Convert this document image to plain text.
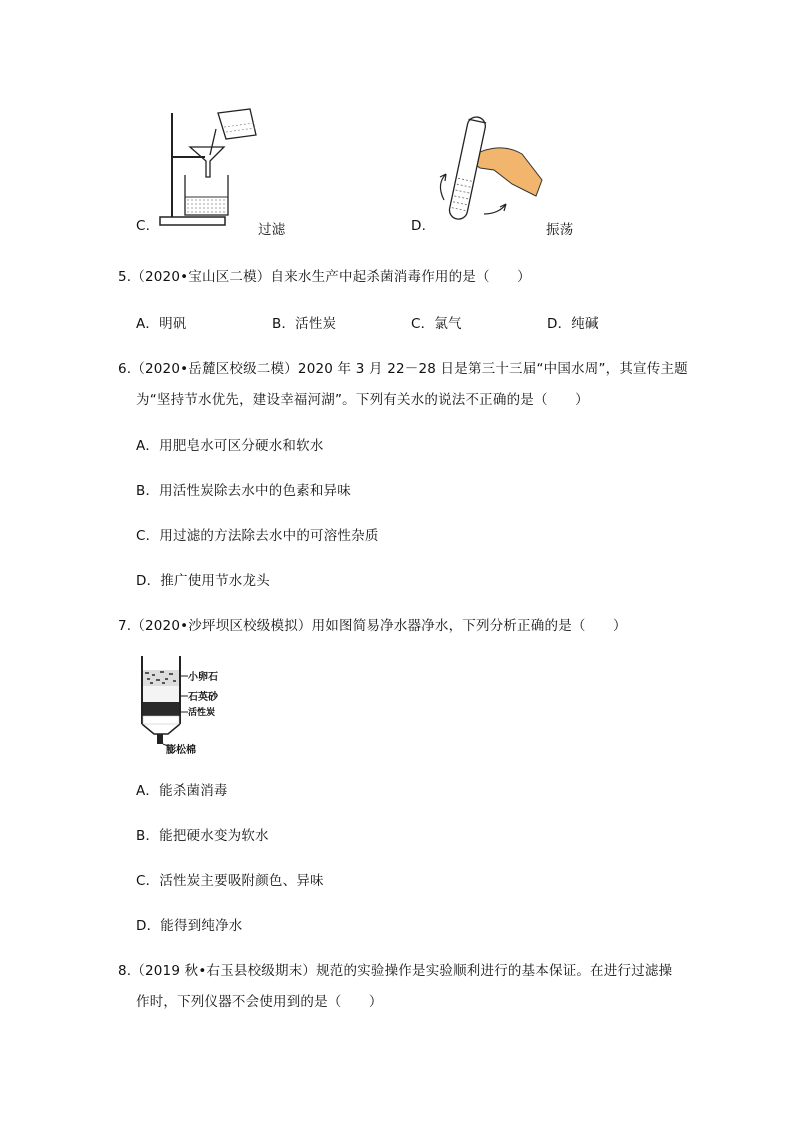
C.	过滤	D.	振荡
5.（2020•宝山区二模）自来水生产中起杀菌消毒作用的是（　　）
A．明矾	B．活性炭	C．氯气	D．纯碱
6.（2020•岳麓区校级二模）2020 年 3 月 22－28 日是第三十三届“中国水周”，其宣传主题
为“坚持节水优先，建设幸福河湖”。下列有关水的说法不正确的是（　　）
A．用肥皂水可区分硬水和软水
B．用活性炭除去水中的色素和异味
C．用过滤的方法除去水中的可溶性杂质
D．推广使用节水龙头
7.（2020•沙坪坝区校级模拟）用如图简易净水器净水，下列分析正确的是（　　）
小卵石
石英砂
活性炭
膨松棉
A．能杀菌消毒
B．能把硬水变为软水
C．活性炭主要吸附颜色、异味
D．能得到纯净水
8.（2019 秋•右玉县校级期末）规范的实验操作是实验顺利进行的基本保证。在进行过滤操
作时，下列仪器不会使用到的是（　　）
